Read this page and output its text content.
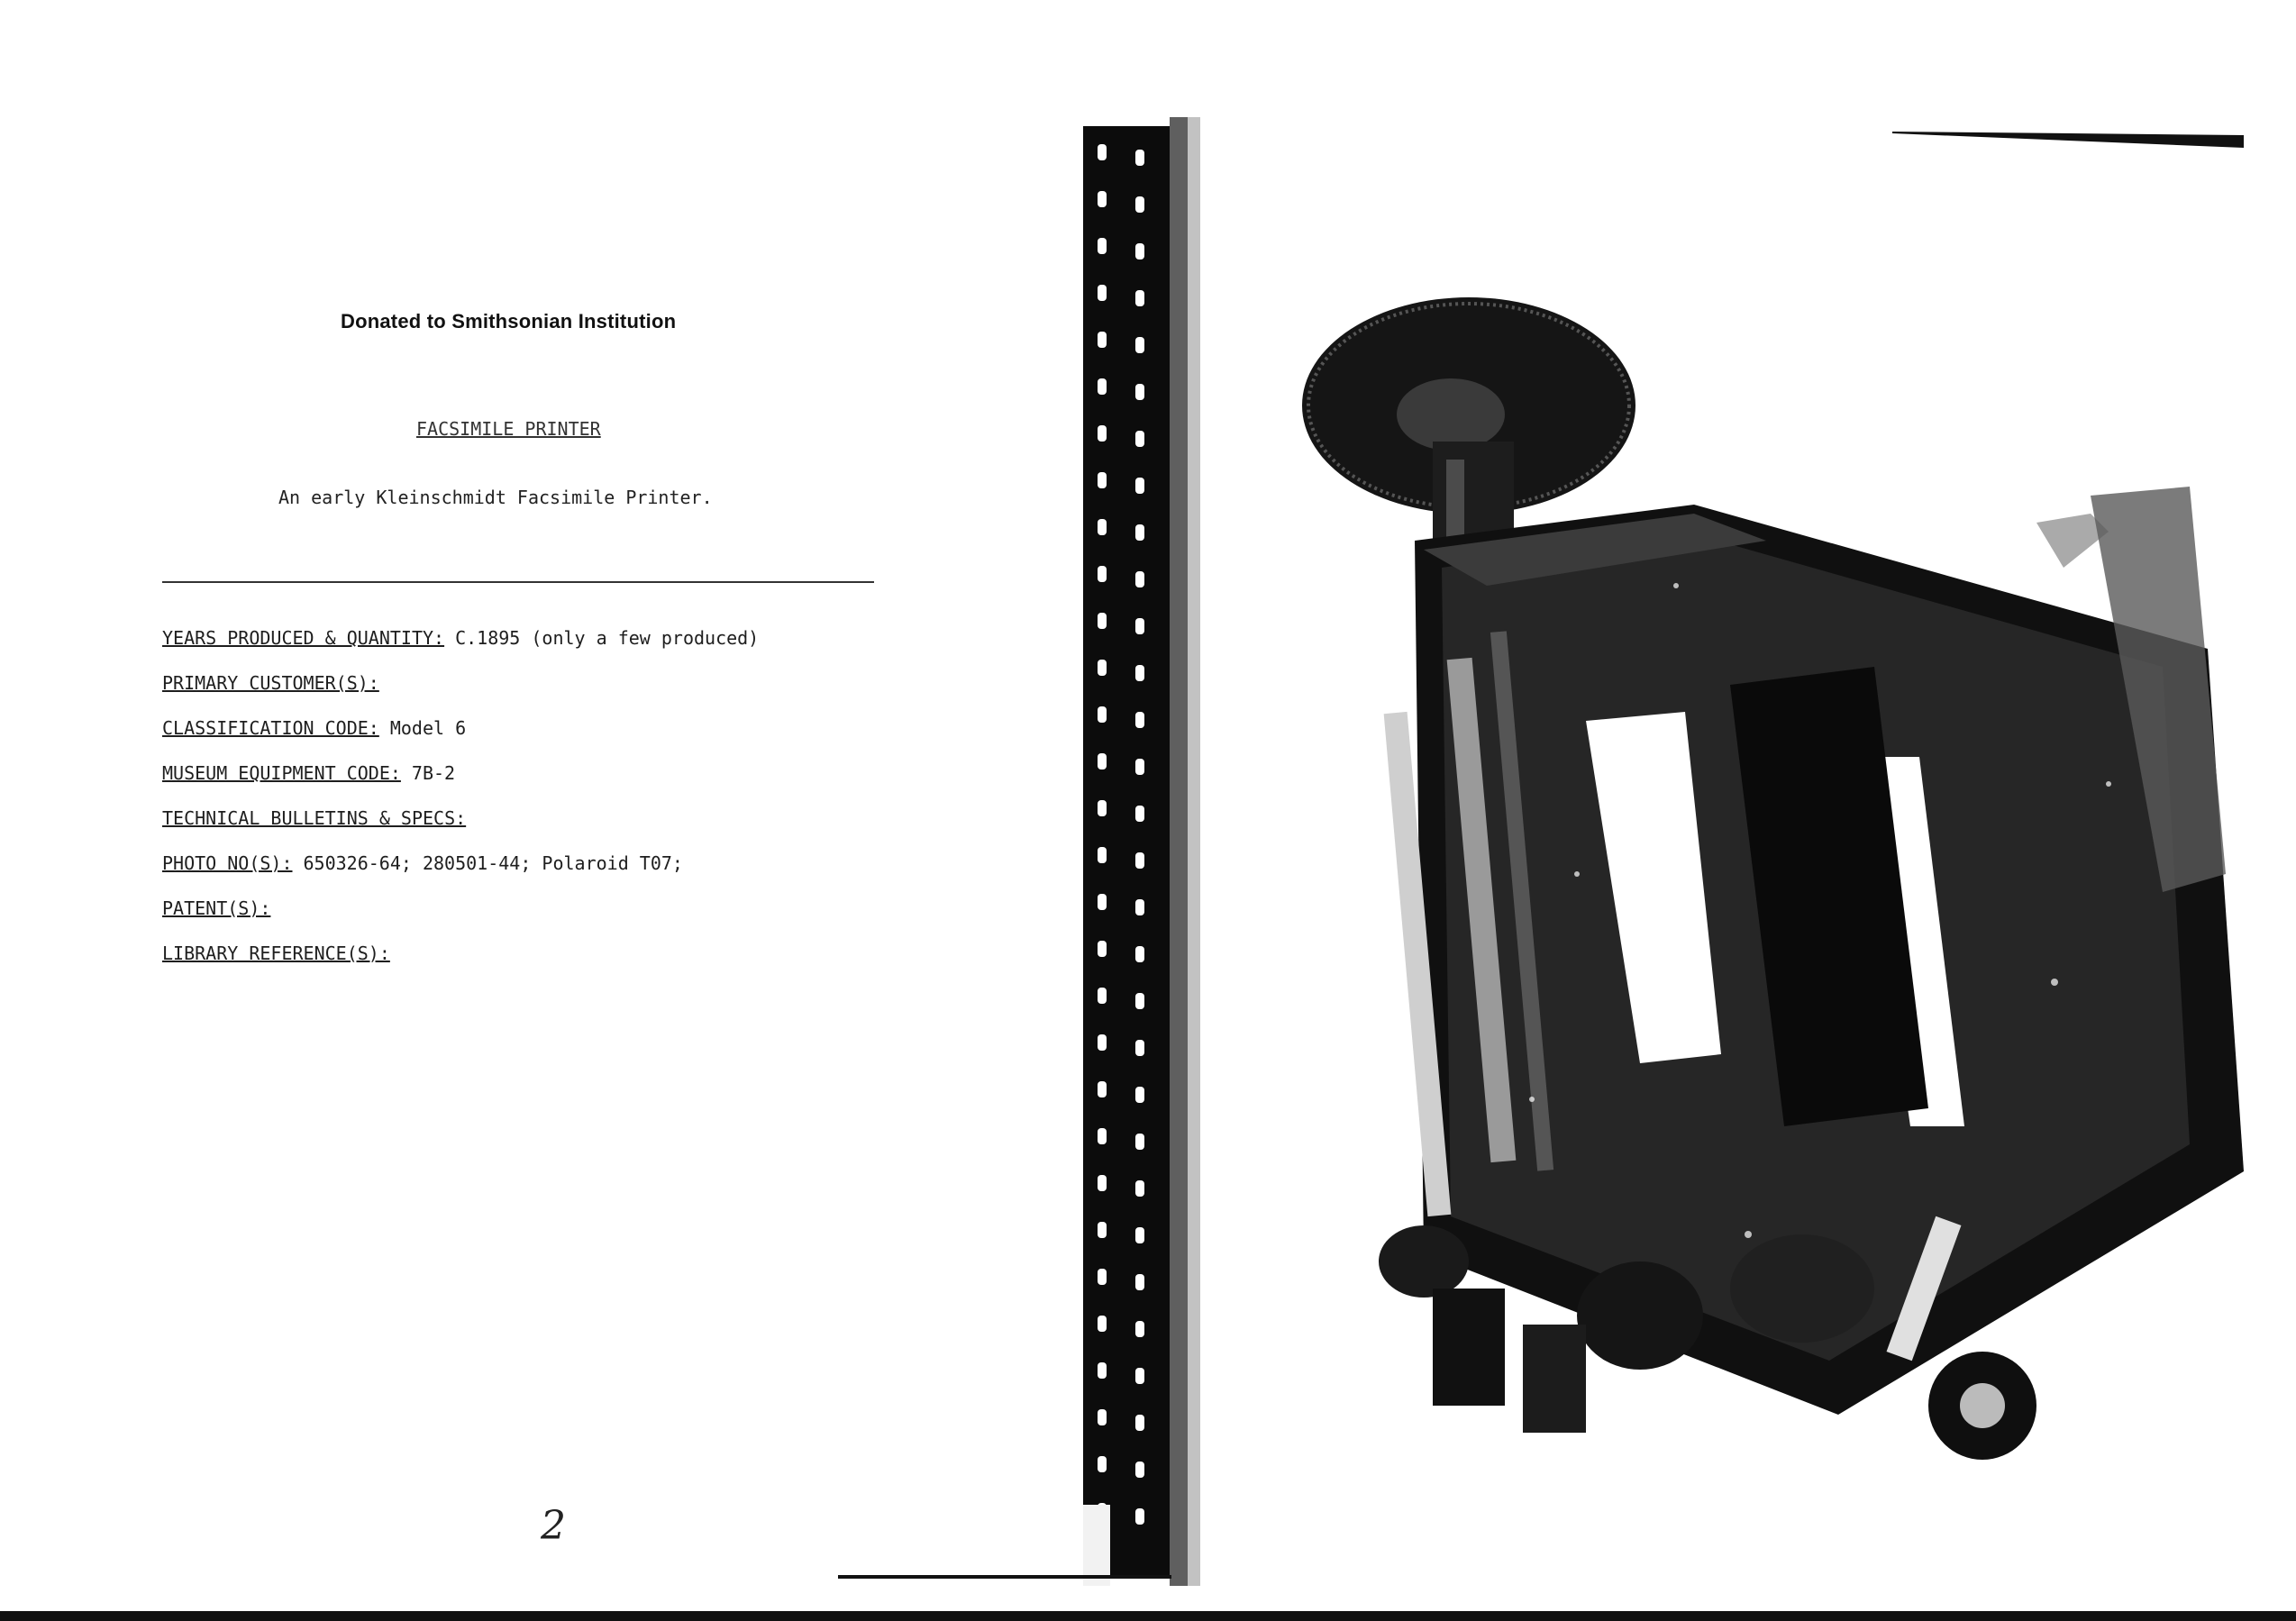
Donated to Smithsonian Institution
FACSIMILE PRINTER
An early Kleinschmidt Facsimile Printer.
YEARS PRODUCED & QUANTITY: C.1895 (only a few produced)
PRIMARY CUSTOMER(S):
CLASSIFICATION CODE: Model 6
MUSEUM EQUIPMENT CODE: 7B-2
TECHNICAL BULLETINS & SPECS:
PHOTO NO(S): 650326-64; 280501-44; Polaroid T07;
PATENT(S):
LIBRARY REFERENCE(S):
2
